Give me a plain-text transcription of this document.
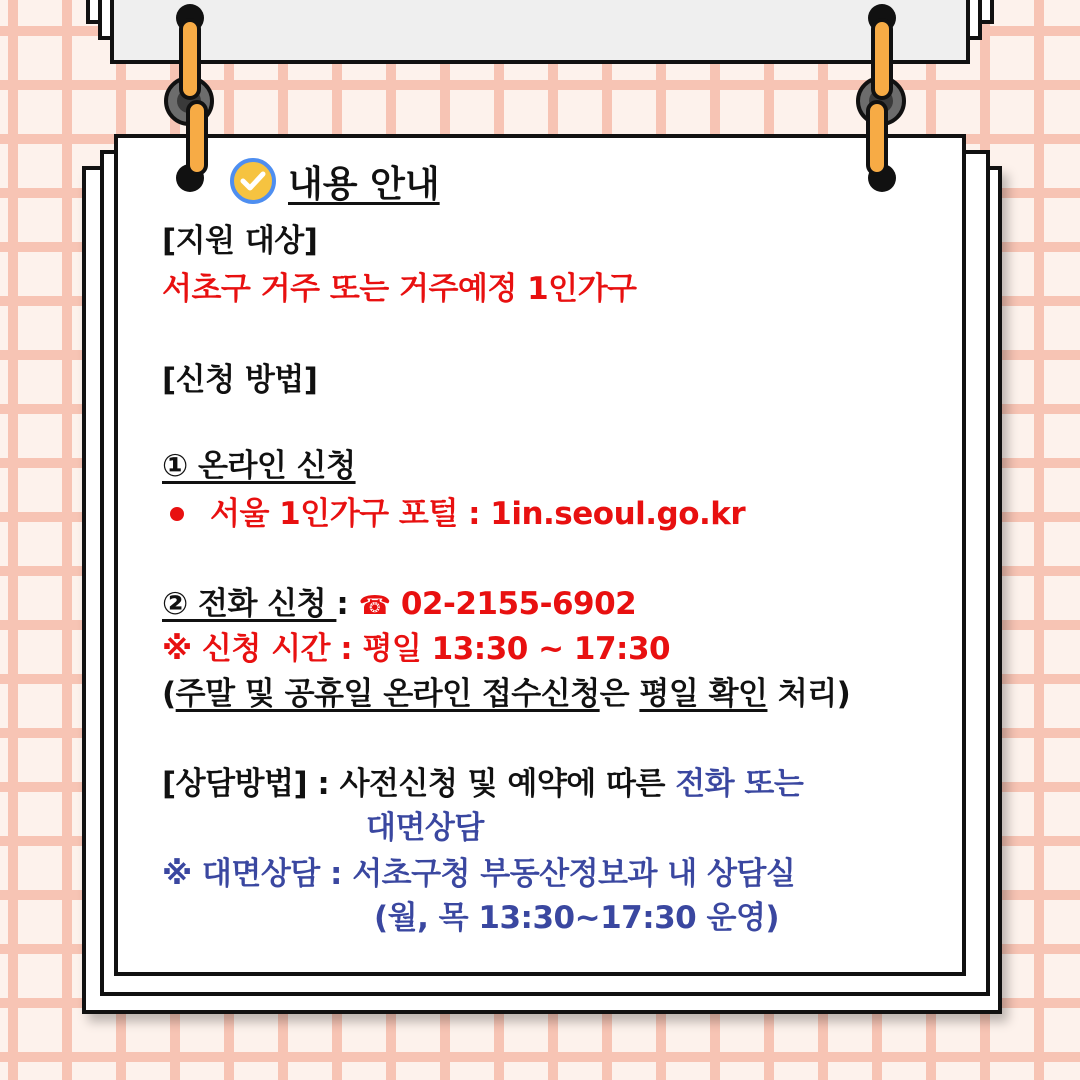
내용 안내
[지원 대상]
서초구 거주 또는 거주예정 1인가구
[신청 방법]
① 온라인 신청
서울 1인가구 포털 : 1in.seoul.go.kr
② 전화 신청 : ☎ 02-2155-6902
※ 신청 시간 : 평일 13:30 ~ 17:30
(주말 및 공휴일 온라인 접수신청은 평일 확인 처리)
[상담방법] : 사전신청 및 예약에 따른 전화 또는
대면상담
※ 대면상담 : 서초구청 부동산정보과 내 상담실
(월, 목 13:30~17:30 운영)
